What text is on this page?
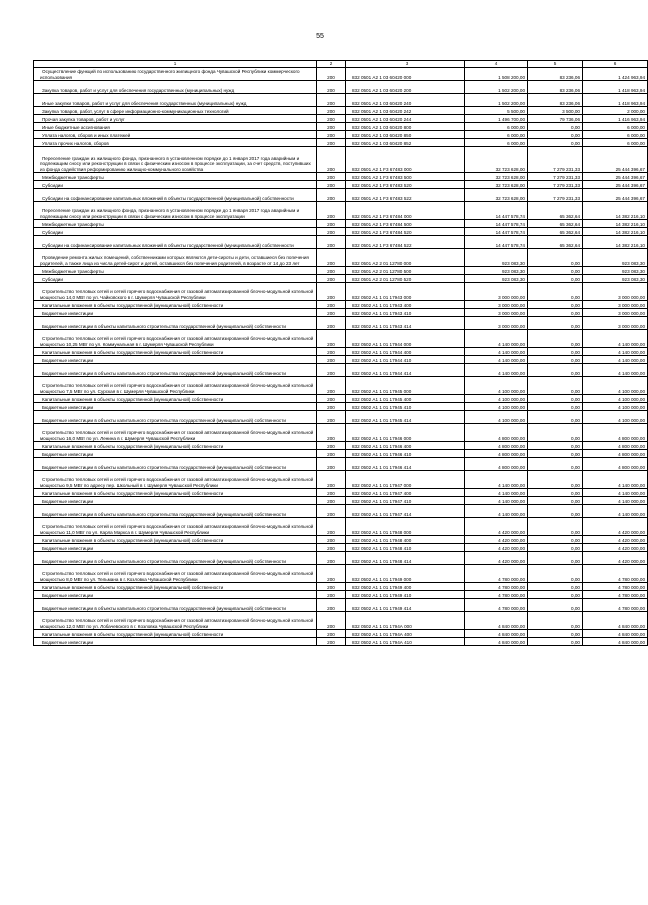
55
1	2	3	4	5	6

Осуществление функций по использованию государственного жилищного фонда Чувашской Республики коммерческого использования	200	832 0501 А2 1 03 60420 000	1 508 200,00	83 236,06	1 424 963,94

Закупка товаров, работ и услуг для обеспечения государственных (муниципальных) нужд	200	832 0501 А2 1 03 60420 200	1 502 200,00	83 236,06	1 418 963,94

Иные закупки товаров, работ и услуг для обеспечения государственных (муниципальных) нужд	200	832 0501 А2 1 03 60420 240	1 502 200,00	83 236,06	1 418 963,94

Закупка товаров, работ, услуг в сфере информационно-коммуникационных технологий	200	832 0501 А2 1 03 60420 242	5 500,00	3 500,00	2 000,00

Прочая закупка товаров, работ и услуг	200	832 0501 А2 1 03 60420 244	1 496 700,00	79 736,06	1 416 963,94

Иные бюджетные ассигнования	200	832 0501 А2 1 03 60420 800	6 000,00	0,00	6 000,00

Уплата налогов, сборов и иных платежей	200	832 0501 А2 1 03 60420 850	6 000,00	0,00	6 000,00

Уплата прочих налогов, сборов	200	832 0501 А2 1 03 60420 852	6 000,00	0,00	6 000,00

Переселение граждан из жилищного фонда, признанного в установленном порядке до 1 января 2017 года аварийным и подлежащим сносу или реконструкции в связи с физическим износом в процессе эксплуатации, за счет средств, поступивших из фонда содействия реформированию жилищно-коммунального хозяйства	200	832 0501 А2 1 F3 67483 000	32 723 628,00	7 279 231,33	25 444 396,67

Межбюджетные трансферты	200	832 0501 А2 1 F3 67483 500	32 723 628,00	7 279 231,33	25 444 396,67

Субсидии	200	832 0501 А2 1 F3 67483 520	32 723 628,00	7 279 231,33	25 444 396,67

Субсидии на софинансирование капитальных вложений в объекты государственной (муниципальной) собственности	200	832 0501 А2 1 F3 67483 522	32 723 628,00	7 279 231,33	25 444 396,67

Переселение граждан из жилищного фонда, признанного в установленном порядке до 1 января 2017 года аварийным и подлежащим сносу или реконструкции в связи с физическим износом в процессе эксплуатации	200	832 0501 А2 1 F3 67484 000	14 447 578,74	65 362,64	14 382 216,10

Межбюджетные трансферты	200	832 0501 А2 1 F3 67484 500	14 447 578,74	65 362,64	14 382 216,10

Субсидии	200	832 0501 А2 1 F3 67484 520	14 447 578,74	65 362,64	14 382 216,10

Субсидии на софинансирование капитальных вложений в объекты государственной (муниципальной) собственности	200	832 0501 А2 1 F3 67484 522	14 447 578,74	65 362,64	14 382 216,10

Проведение ремонта жилых помещений, собственниками которых являются дети-сироты и дети, оставшиеся без попечения родителей, а также лица из числа детей-сирот и детей, оставшихся без попечения родителей, в возрасте от 14 до 23 лет	200	832 0501 А2 2 01 12780 000	923 083,30	0,00	923 083,30

Межбюджетные трансферты	200	832 0501 А2 2 01 12780 500	923 083,30	0,00	923 083,30

Субсидии	200	832 0501 А2 2 01 12780 520	923 083,30	0,00	923 083,30

Строительство тепловых сетей и сетей горячего водоснабжения от газовой автоматизированной блочно-модульной котельной мощностью 14,0 МВт по ул. Чайковского в г. Шумерля Чувашской Республики	200	832 0502 А1 1 01 17943 000	3 000 000,00	0,00	3 000 000,00

Капитальные вложения в объекты государственной (муниципальной) собственности	200	832 0502 А1 1 01 17943 400	3 000 000,00	0,00	3 000 000,00

Бюджетные инвестиции	200	832 0502 А1 1 01 17943 410	3 000 000,00	0,00	3 000 000,00

Бюджетные инвестиции в объекты капитального строительства государственной (муниципальной) собственности	200	832 0502 А1 1 01 17943 414	3 000 000,00	0,00	3 000 000,00

Строительство тепловых сетей и сетей горячего водоснабжения от газовой автоматизированной блочно-модульной котельной мощностью 10,25 МВт по ул. Коммунальная в г. Шумерля Чувашской Республики	200	832 0502 А1 1 01 17944 000	4 140 000,00	0,00	4 140 000,00

Капитальные вложения в объекты государственной (муниципальной) собственности	200	832 0502 А1 1 01 17944 400	4 140 000,00	0,00	4 140 000,00

Бюджетные инвестиции	200	832 0502 А1 1 01 17944 410	4 140 000,00	0,00	4 140 000,00

Бюджетные инвестиции в объекты капитального строительства государственной (муниципальной) собственности	200	832 0502 А1 1 01 17944 414	4 140 000,00	0,00	4 140 000,00

Строительство тепловых сетей и сетей горячего водоснабжения от газовой автоматизированной блочно-модульной котельной мощностью 7,5 МВт по ул. Сурская в г. Шумерля Чувашской Республики	200	832 0502 А1 1 01 17945 000	4 100 000,00	0,00	4 100 000,00

Капитальные вложения в объекты государственной (муниципальной) собственности	200	832 0502 А1 1 01 17945 400	4 100 000,00	0,00	4 100 000,00

Бюджетные инвестиции	200	832 0502 А1 1 01 17945 410	4 100 000,00	0,00	4 100 000,00

Бюджетные инвестиции в объекты капитального строительства государственной (муниципальной) собственности	200	832 0502 А1 1 01 17945 414	4 100 000,00	0,00	4 100 000,00

Строительство тепловых сетей и сетей горячего водоснабжения от газовой автоматизированной блочно-модульной котельной мощностью 16,0 МВт по ул. Ленина в г. Шумерля Чувашской Республики	200	832 0502 А1 1 01 17946 000	4 800 000,00	0,00	4 800 000,00

Капитальные вложения в объекты государственной (муниципальной) собственности	200	832 0502 А1 1 01 17946 400	4 800 000,00	0,00	4 800 000,00

Бюджетные инвестиции	200	832 0502 А1 1 01 17946 410	4 800 000,00	0,00	4 800 000,00

Бюджетные инвестиции в объекты капитального строительства государственной (муниципальной) собственности	200	832 0502 А1 1 01 17946 414	4 800 000,00	0,00	4 800 000,00

Строительство тепловых сетей и сетей горячего водоснабжения от газовой автоматизированной блочно-модульной котельной мощностью 9,5 МВт по адресу пер. Школьный в г. Шумерля Чувашской Республики	200	832 0502 А1 1 01 17947 000	4 140 000,00	0,00	4 140 000,00

Капитальные вложения в объекты государственной (муниципальной) собственности	200	832 0502 А1 1 01 17947 400	4 140 000,00	0,00	4 140 000,00

Бюджетные инвестиции	200	832 0502 А1 1 01 17947 410	4 140 000,00	0,00	4 140 000,00

Бюджетные инвестиции в объекты капитального строительства государственной (муниципальной) собственности	200	832 0502 А1 1 01 17947 414	4 140 000,00	0,00	4 140 000,00

Строительство тепловых сетей и сетей горячего водоснабжения от газовой автоматизированной блочно-модульной котельной мощностью 11,0 МВт по ул. Карла Маркса в г. Шумерля Чувашской Республики	200	832 0502 А1 1 01 17948 000	4 420 000,00	0,00	4 420 000,00

Капитальные вложения в объекты государственной (муниципальной) собственности	200	832 0502 А1 1 01 17948 400	4 420 000,00	0,00	4 420 000,00

Бюджетные инвестиции	200	832 0502 А1 1 01 17948 410	4 420 000,00	0,00	4 420 000,00

Бюджетные инвестиции в объекты капитального строительства государственной (муниципальной) собственности	200	832 0502 А1 1 01 17948 414	4 420 000,00	0,00	4 420 000,00

Строительство тепловых сетей и сетей горячего водоснабжения от газовой автоматизированной блочно-модульной котельной мощностью 8,0 МВт по ул. Тельмана в г. Козловка Чувашской Республики	200	832 0502 А1 1 01 17949 000	4 780 000,00	0,00	4 780 000,00

Капитальные вложения в объекты государственной (муниципальной) собственности	200	832 0502 А1 1 01 17949 400	4 780 000,00	0,00	4 780 000,00

Бюджетные инвестиции	200	832 0502 А1 1 01 17949 410	4 780 000,00	0,00	4 780 000,00

Бюджетные инвестиции в объекты капитального строительства государственной (муниципальной) собственности	200	832 0502 А1 1 01 17949 414	4 780 000,00	0,00	4 780 000,00

Строительство тепловых сетей и сетей горячего водоснабжения от газовой автоматизированной блочно-модульной котельной мощностью 12,0 МВт по ул. Лобачевского в г. Козловка Чувашской Республики	200	832 0502 А1 1 01 1794А 000	4 840 000,00	0,00	4 840 000,00

Капитальные вложения в объекты государственной (муниципальной) собственности	200	832 0502 А1 1 01 1794А 400	4 840 000,00	0,00	4 840 000,00

Бюджетные инвестиции	200	832 0502 А1 1 01 1794А 410	4 840 000,00	0,00	4 840 000,00
